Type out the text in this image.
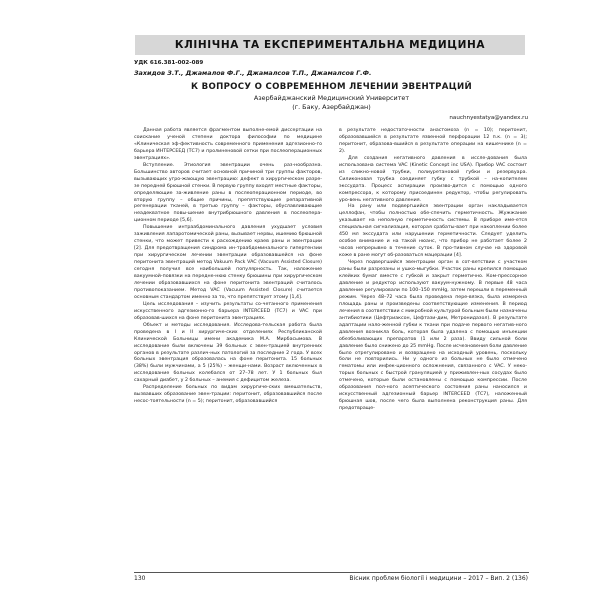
КЛІНІЧНА ТА ЕКСПЕРИМЕНТАЛЬНА МЕДИЦИНА
УДК 616.381-002-089
Захидов З.Т., Джамалов Ф.Г., Джамалсов Т.П., Джамалсов Г.Ф.
К ВОПРОСУ О СОВРЕМЕННОМ ЛЕЧЕНИИ ЭВЕНТРАЦИЙ
Азербайджанский Медицинский Университет
(г. Баку, Азербайджан)
nauchnyestatya@yandex.ru

Данная работа является фрагментом выполне-емой диссертации на соискание ученой степени доктора философии по медицине «Клиническая эф-фективность современного применения адгезионно-го барьера ИНТЕРСЕЕД (ТС7) и пролиненовой сетки при послеоперационных эвентрациях».

Вступление. Этиология эвентрации очень раз-нообразна. Большинство авторов считает основной причиной три группы факторов, вызывающих угро-жающую эвентрацию: дефект в хирургическом разре-зе передней брюшной стенки. В первую группу входят местные факторы, определяющие за-живление раны в послеоперационном периоде, во вторую группу – общие причины, препятствующие репаративной регенерации тканей, в третью группу – факторы, обуславливающие неадекватное повы-шение внутрибрюшного давления в послеопера-ционном периоде [5,6].

Повышение интраабдоминального давления ухудшает условия заживления лапаротомической раны, вызывает нервы, ишемию брюшной стенки, что может привести к расхождению краев раны и эвентрации [2]. Для предотвращения синдрома ин-траабдоминального гипертензии при хирургическом лечении эвентрации образовавшейся на фоне перитонита эвентраций метод Vakuum Pack VAC (Vacuum Assisted Closure) сегодня получил все наибольшей популярность. Так, наложение вакуумной-повязки на передне-нюю стенку брюшины при хирургическом лечении образовавшихся на фоне перитонита эвентраций считалось противопоказанием. Метод VAC (Vacuum Assisted Closure) считается основным стандартом именно за то, что препятствует этому [1,4].

Цель исследования – изучить результаты со-четанного применения искусственного адгезионно-го барьера INTERCEED (ТС7) и VAC при образовав-шихся на фоне перитонита эвентрациях.

Объект и методы исследования. Исследова-тельская работа была проведена в I и II хирургиче-ских отделениях Республиканской Клинической Больницы имени академика М.А. Мирбасымова. В исследование были включены 39 больных с эвен-трацией внутренних органов в результате различ-ных патологий за последние 2 года. У всех больных эвентрация образовалась на фоне перитонита. 15 больных (38%) были мужчинами, а 5 (25%) – женщи-нами. Возраст включенных в исследование больных колебался от 27–78 лет. У 1 больных был сахарный диабет, у 2 больных – анемия с дефицитом железа.

Распределение больных по видам хирургиче-ских вмешательств, вызвавших образование эвен-трации: перитонит, образовавшийся после несос-тоятельности (n = 5); перитонит, образовавшийся

в результате недостаточности анастомоза (n = 10); перитонит, образовавшийся в результате язвенной перфорации 12 п.к. (n = 3); перитонит, образова-вшийся в результате операции на кишечнике (n = 2).

Для создания негативного давления в иссле-дования была использована система VAC (Kinetic Concept inc USA). Прибор VAC состоит из сликно-новой трубки, полиуретановой губки и резервуара. Силиконовая трубка соединяет губку с трубкой – на-копителем экссудата. Процесс аспирации произво-дится с помощью одного компрессора, к которому присоединен редуктор, чтобы регулировать уро-вень негативного давления.

На рану или подвергшийся эвентрации орган накладывается целлофан, чтобы полностью обе-спечить герметичность. Жужжание указывает на неполную герметичность системы. В приборе име-ется специальная сигнализация, которая срабаты-вает при накоплении более 450 мл экссудата или нарушении герметичности. Следует уделить особое внимание и на такой нюанс, что прибор не работает более 2 часов непрерывно в течение суток. В про-тивном случае на здоровой коже в ране могут об-разоваться мацерации [4].

Через подвергшийся эвентрации орган в сот-ветствии с участком раны были разрезаны и ушко-мыгубки. Участок раны крепился помощью клейких бумаг вместе с губкой и закрыт герметично. Ком-прессорное давление и редуктор используют вакуум-нужному. В первые 48 часа давление регулировали по 100–150 mmHg, затем перешли в переменный режим. Через 48–72 часа была проведена пере-вязка, была измерена площадь раны и произведены соответствующие изменения. В период лечения в соответствии с микробной культурой больным были назначены антибиотики (Цефтриаксон, Цефтази-дим, Метронидазол). В результате адаптации нало-женной губки к ткани при подаче первого негатив-ного давления возникла боль, которая была удалена с помощью инъекции обезболивающих препаратов (1 или 2 раза). Ввиду сильной боли давление было снижено до 25 mmHg. После исчезновения боли давление было отрегулировано и возвращено на исходный уровень, поскольку боли не повторились. Ни у одного из больных не было отмечено гематомы или инфек-ционного осложнения, связанного с VAC. У неко-торых больных с быстрой грануляцией у приживлен-ных сосудах было отмечено, которые были остановлены с помощью компрессии. После образования пол-ного асептического состояния раны наносился и искусственный адгезионный барьер INTERCEED (ТС7), наложенный брюшная шов, после чего была выполнена реконструкция раны. Для предотвраще-

130	Вісник проблем біології і медицини – 2017 – Вип. 2 (136)
